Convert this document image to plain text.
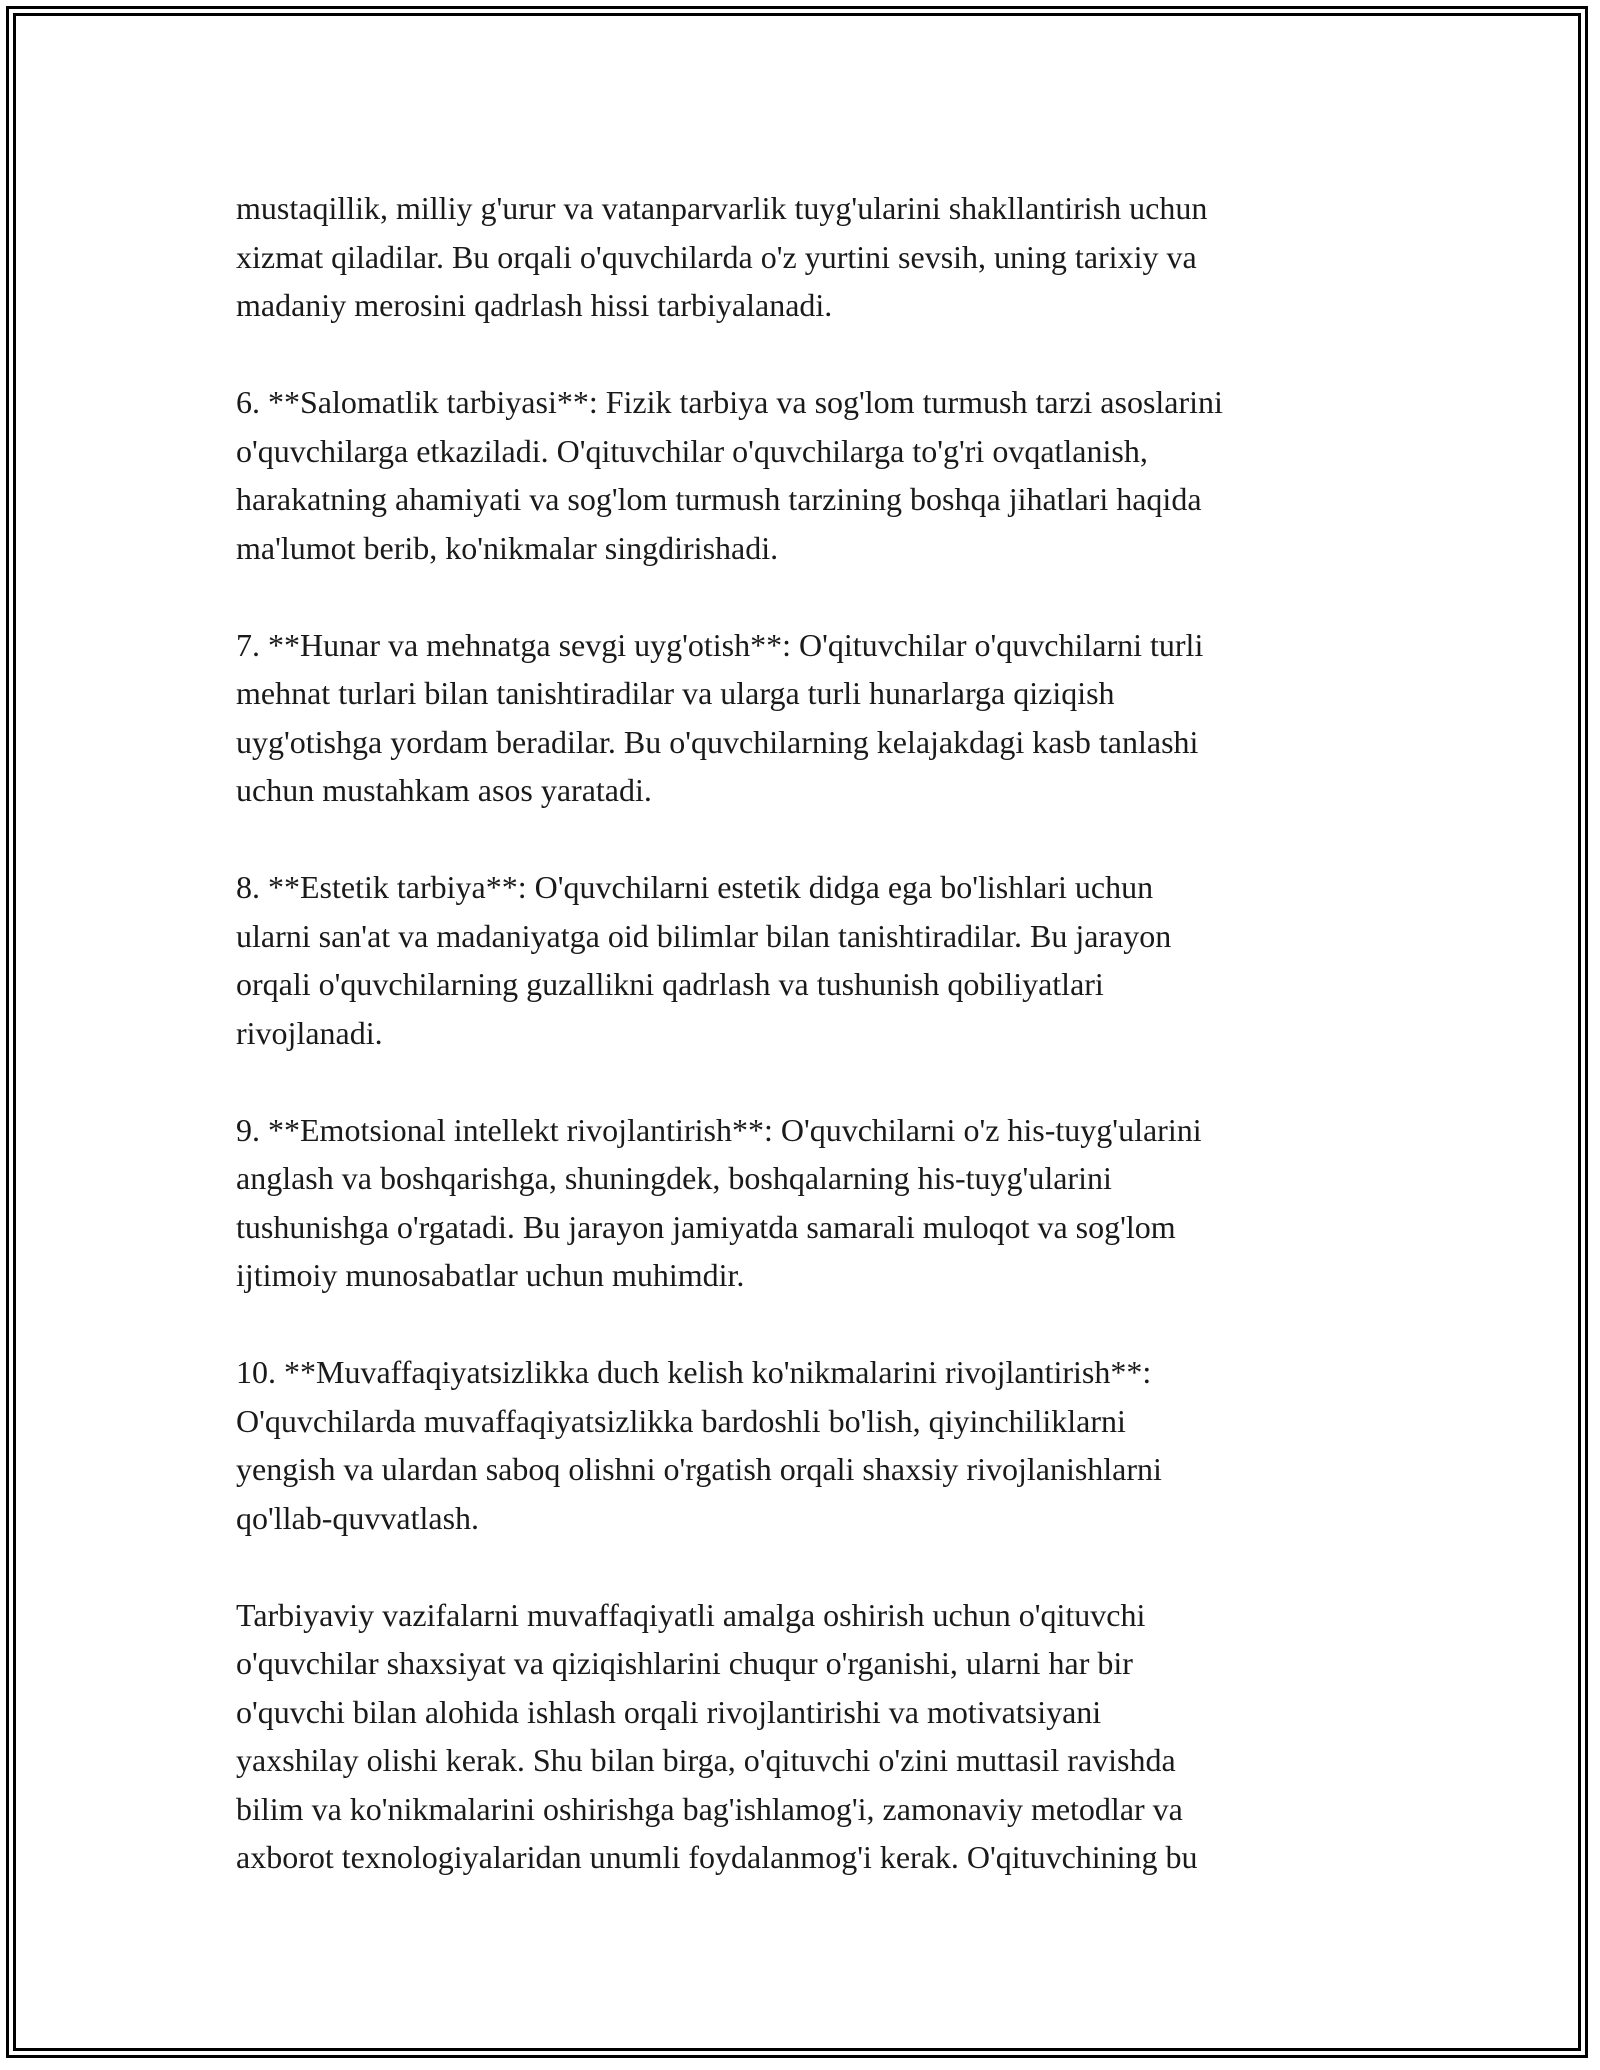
mustaqillik, milliy g'urur va vatanparvarlik tuyg'ularini shakllantirish uchun
xizmat qiladilar. Bu orqali o'quvchilarda o'z yurtini sevsih, uning tarixiy va
madaniy merosini qadrlash hissi tarbiyalanadi.

6. **Salomatlik tarbiyasi**: Fizik tarbiya va sog'lom turmush tarzi asoslarini
o'quvchilarga etkaziladi. O'qituvchilar o'quvchilarga to'g'ri ovqatlanish,
harakatning ahamiyati va sog'lom turmush tarzining boshqa jihatlari haqida
ma'lumot berib, ko'nikmalar singdirishadi.

7. **Hunar va mehnatga sevgi uyg'otish**: O'qituvchilar o'quvchilarni turli
mehnat turlari bilan tanishtiradilar va ularga turli hunarlarga qiziqish
uyg'otishga yordam beradilar. Bu o'quvchilarning kelajakdagi kasb tanlashi
uchun mustahkam asos yaratadi.

8. **Estetik tarbiya**: O'quvchilarni estetik didga ega bo'lishlari uchun
ularni san'at va madaniyatga oid bilimlar bilan tanishtiradilar. Bu jarayon
orqali o'quvchilarning guzallikni qadrlash va tushunish qobiliyatlari
rivojlanadi.

9. **Emotsional intellekt rivojlantirish**: O'quvchilarni o'z his-tuyg'ularini
anglash va boshqarishga, shuningdek, boshqalarning his-tuyg'ularini
tushunishga o'rgatadi. Bu jarayon jamiyatda samarali muloqot va sog'lom
ijtimoiy munosabatlar uchun muhimdir.

10. **Muvaffaqiyatsizlikka duch kelish ko'nikmalarini rivojlantirish**:
O'quvchilarda muvaffaqiyatsizlikka bardoshli bo'lish, qiyinchiliklarni
yengish va ulardan saboq olishni o'rgatish orqali shaxsiy rivojlanishlarni
qo'llab-quvvatlash.

Tarbiyaviy vazifalarni muvaffaqiyatli amalga oshirish uchun o'qituvchi
o'quvchilar shaxsiyat va qiziqishlarini chuqur o'rganishi, ularni har bir
o'quvchi bilan alohida ishlash orqali rivojlantirishi va motivatsiyani
yaxshilay olishi kerak. Shu bilan birga, o'qituvchi o'zini muttasil ravishda
bilim va ko'nikmalarini oshirishga bag'ishlamog'i, zamonaviy metodlar va
axborot texnologiyalaridan unumli foydalanmog'i kerak. O'qituvchining bu
